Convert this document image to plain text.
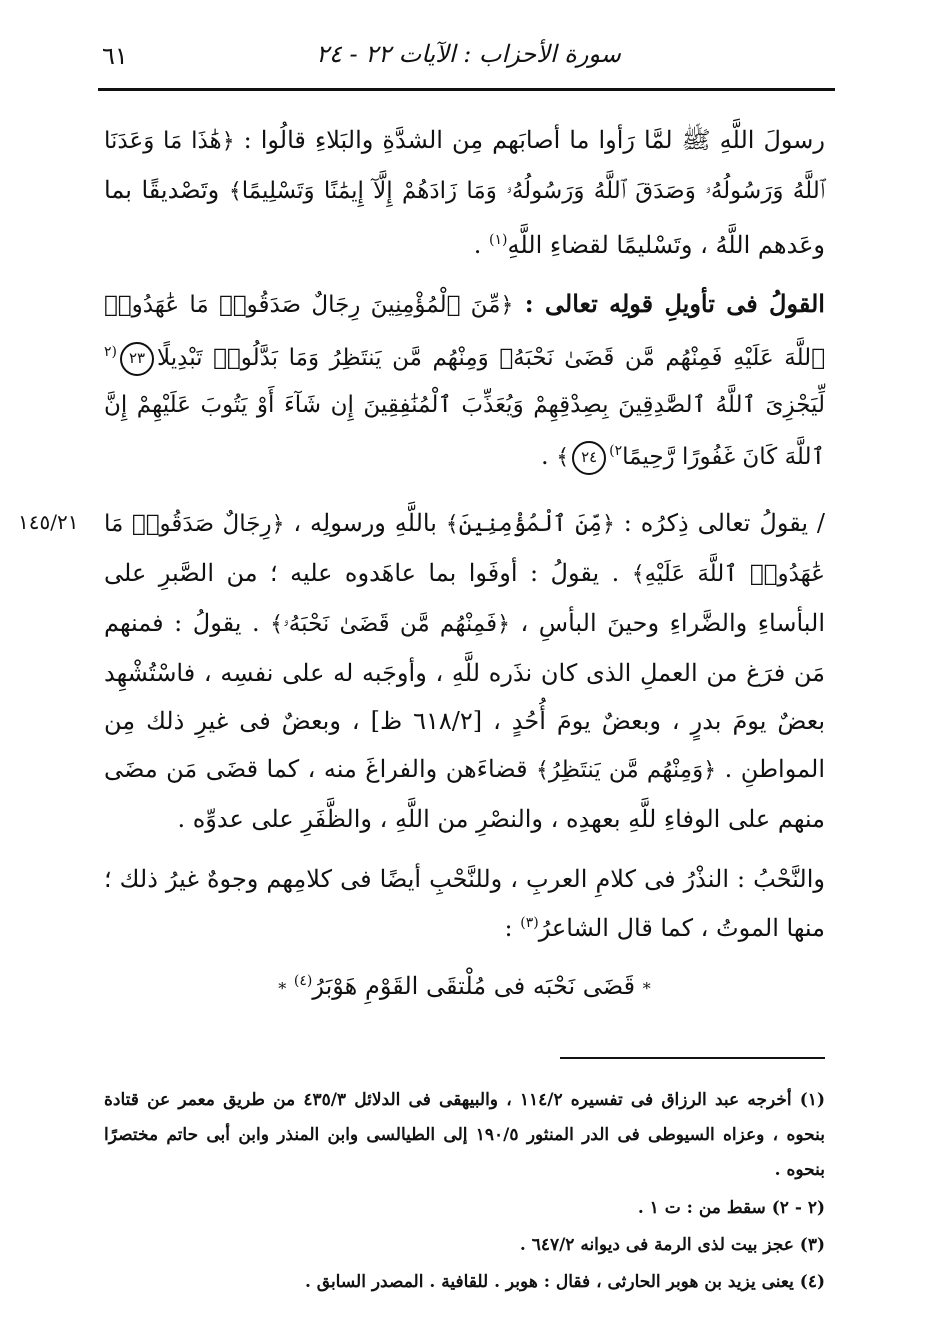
سورة الأحزاب : الآيات ٢٢ - ٢٤
٦١
١٤٥/٢١

رسولَ اللَّهِ ﷺ لمَّا رَأوا ما أصابَهم مِن الشدَّةِ والبَلاءِ قالُوا : ﴿هَٰذَا مَا وَعَدَنَا ٱللَّهُ وَرَسُولُهُۥ وَصَدَقَ ٱللَّهُ وَرَسُولُهُۥ وَمَا زَادَهُمْ إِلَّآ إِيمَٰنًا وَتَسْلِيمًا﴾ وتَصْديقًا بما وعَدهم اللَّهُ ، وتَسْليمًا لقضاءِ اللَّهِ$^{(١)}$ .

القولُ فى تأويلِ قولِه تعالى : ﴿مِّنَ ٱلْمُؤْمِنِينَ رِجَالٌ صَدَقُوا۟ مَا عَٰهَدُوا۟ ٱللَّهَ عَلَيْهِ فَمِنْهُم مَّن قَضَىٰ نَحْبَهُۥ وَمِنْهُم مَّن يَنتَظِرُ وَمَا بَدَّلُوا۟ تَبْدِيلًا٢٣$^{(٢}$ لِّيَجْزِىَ ٱللَّهُ ٱلصَّٰدِقِينَ بِصِدْقِهِمْ وَيُعَذِّبَ ٱلْمُنَٰفِقِينَ إِن شَآءَ أَوْ يَتُوبَ عَلَيْهِمْ إِنَّ ٱللَّهَ كَانَ غَفُورًا رَّحِيمًا$^{٢)}$٢٤﴾ .

/ يقولُ تعالى ذِكرُه : ﴿مِّنَ ٱلْمُؤْمِنِينَ﴾ باللَّهِ ورسولِه ، ﴿رِجَالٌ صَدَقُوا۟ مَا عَٰهَدُوا۟ ٱللَّهَ عَلَيْهِ﴾ . يقولُ : أوفَوا بما عاهَدوه عليه ؛ من الصَّبرِ على البأساءِ والضَّراءِ وحينَ البأسِ ، ﴿فَمِنْهُم مَّن قَضَىٰ نَحْبَهُۥ﴾ . يقولُ : فمنهم مَن فرَغ من العملِ الذى كان نذَره للَّهِ ، وأوجَبه له على نفسِه ، فاسْتُشْهِد بعضٌ يومَ بدرٍ ، وبعضٌ يومَ أُحُدٍ ، [٦١٨/٢ ظ] ، وبعضٌ فى غيرِ ذلك مِن المواطنِ . ﴿وَمِنْهُم مَّن يَنتَظِرُ﴾ قضاءَهن والفراغَ منه ، كما قضَى مَن مضَى منهم على الوفاءِ للَّهِ بعهدِه ، والنصْرِ من اللَّهِ ، والظَّفَرِ على عدوِّه .

والنَّحْبُ : النذْرُ فى كلامِ العربِ ، وللنَّحْبِ أيضًا فى كلامِهم وجوهٌ غيرُ ذلك ؛ منها الموتُ ، كما قال الشاعرُ$^{(٣)}$ :

* قَضَى نَحْبَه فى مُلْتقَى القَوْمِ هَوْبَرُ$^{(٤)}$ *

(١) أخرجه عبد الرزاق فى تفسيره ١١٤/٢ ، والبيهقى فى الدلائل ٤٣٥/٣ من طريق معمر عن قتادة بنحوه ، وعزاه السيوطى فى الدر المنثور ١٩٠/٥ إلى الطيالسى وابن المنذر وابن أبى حاتم مختصرًا بنحوه .

(٢ - ٢) سقط من : ت ١ .

(٣) عجز بيت لذى الرمة فى ديوانه ٦٤٧/٢ .

(٤) يعنى يزيد بن هوبر الحارثى ، فقال : هوبر . للقافية . المصدر السابق .
